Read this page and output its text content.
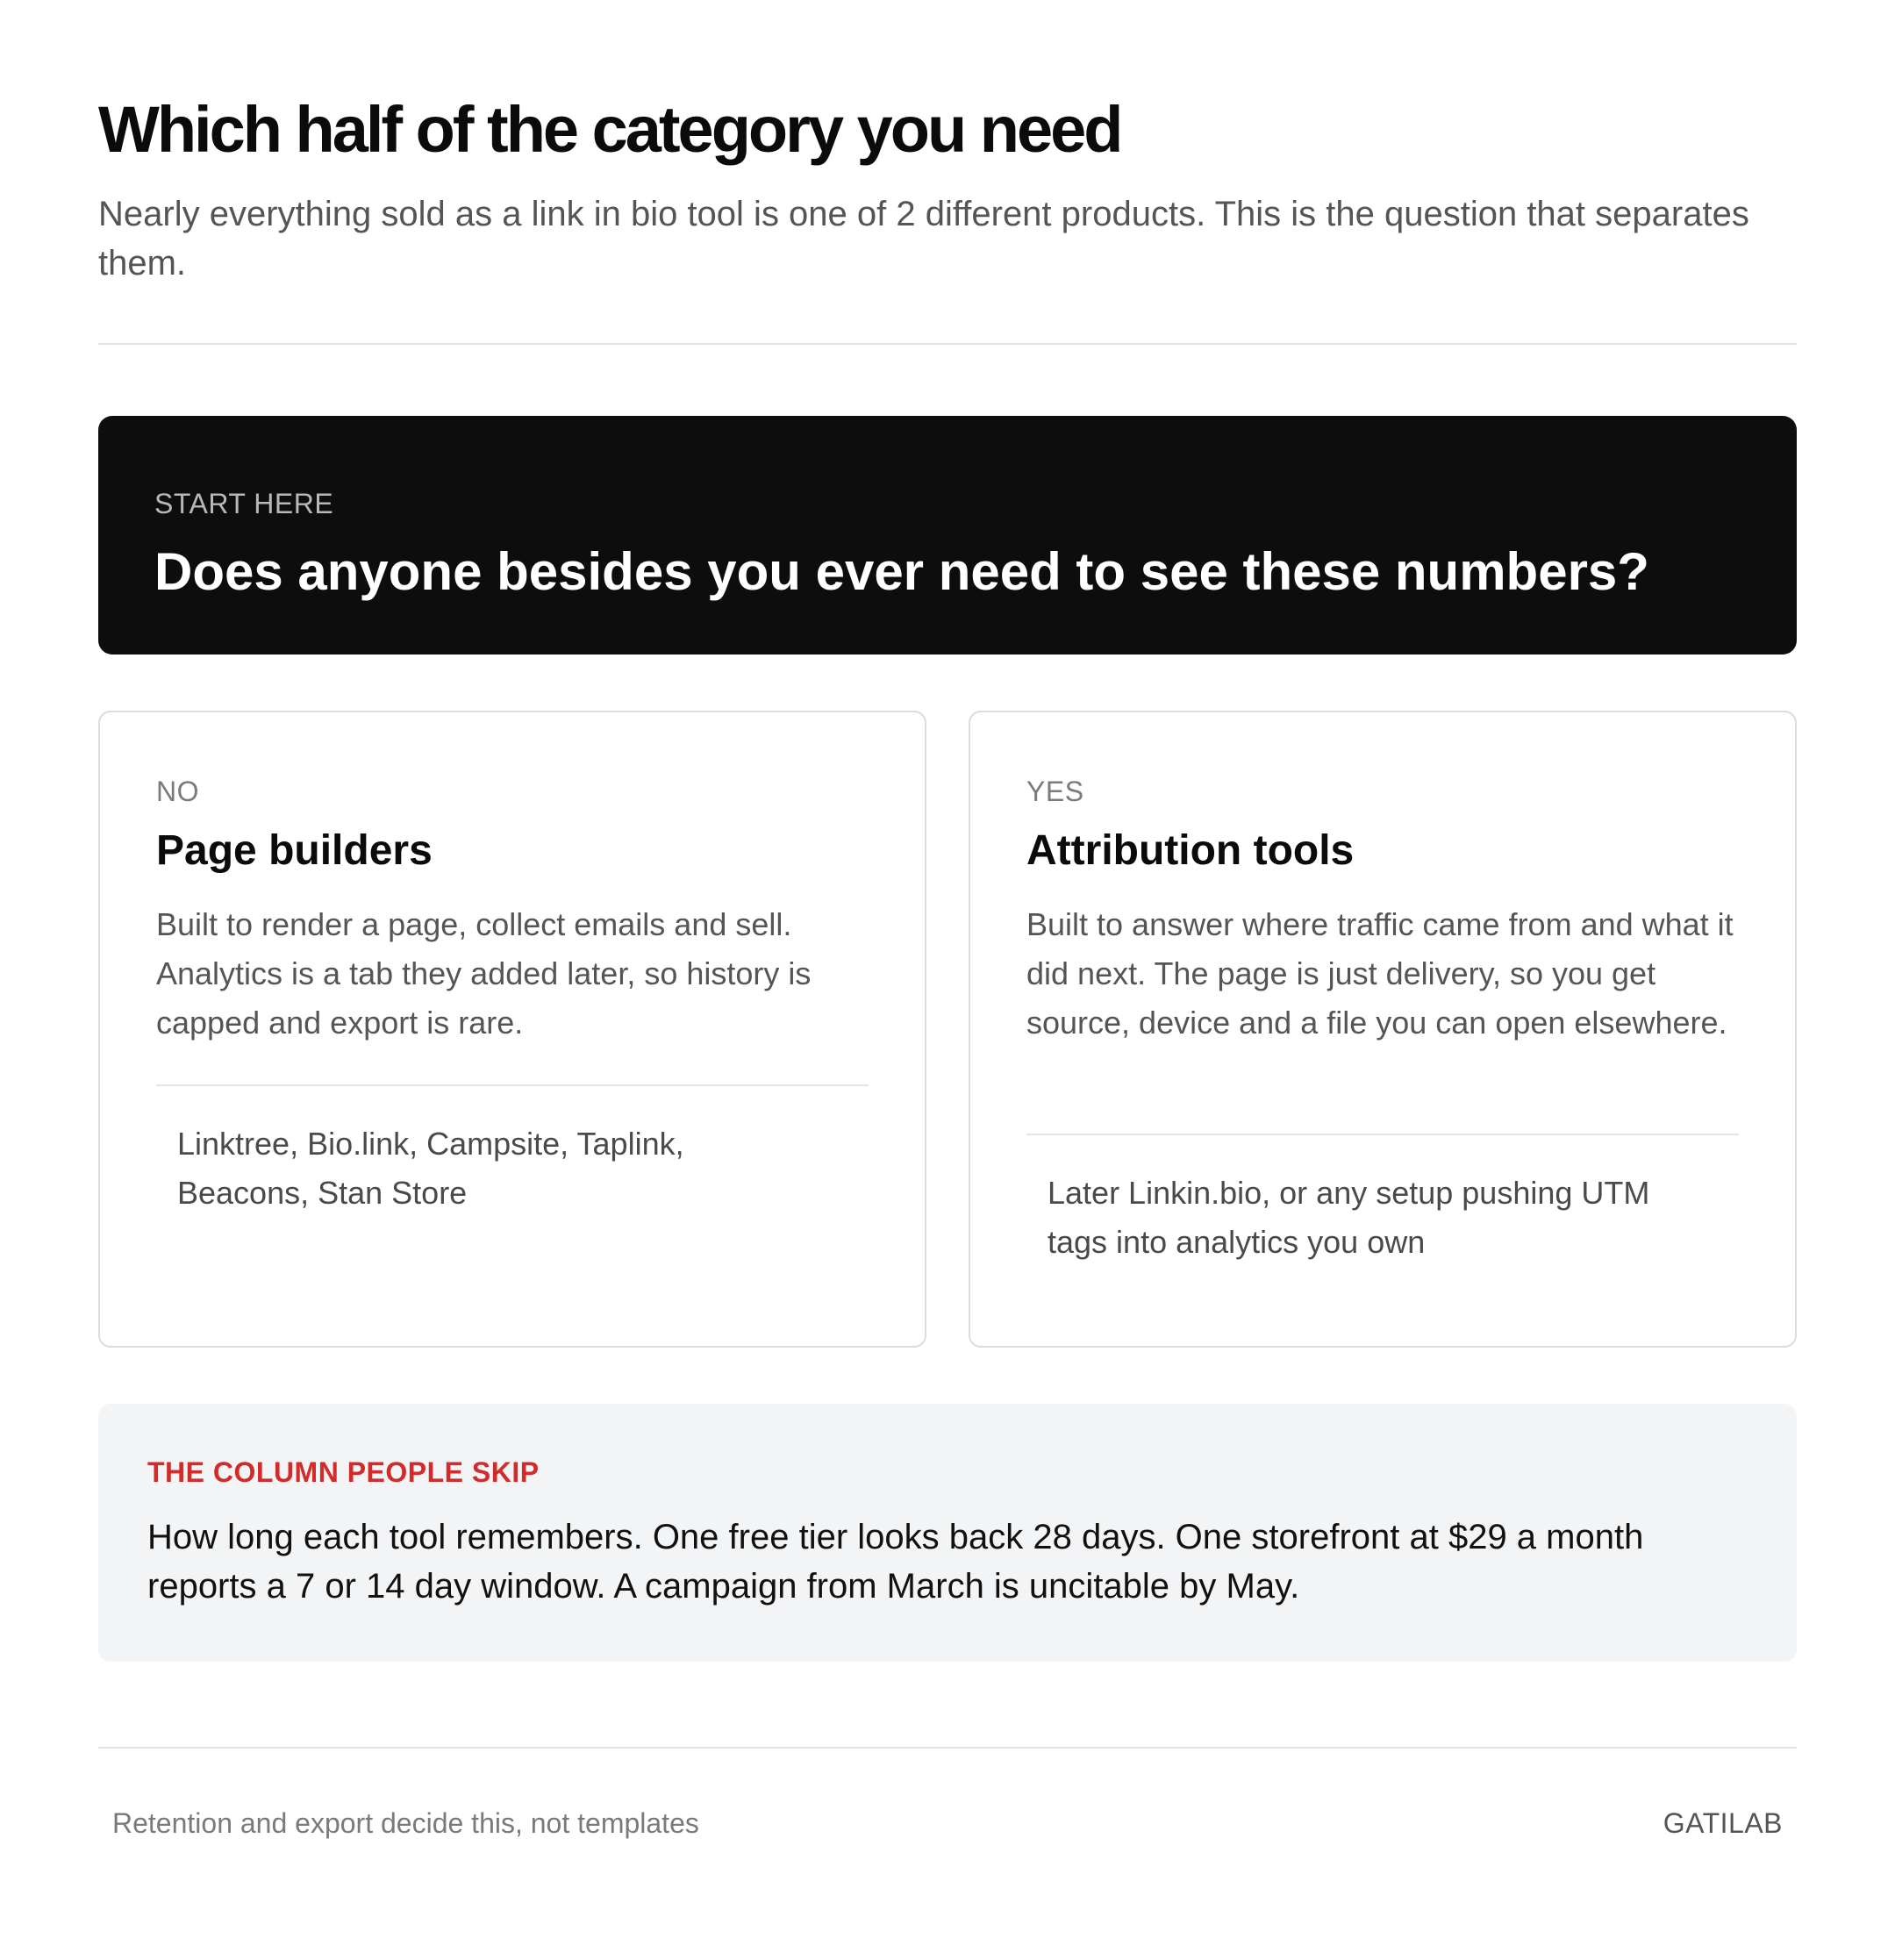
Which half of the category you need

Nearly everything sold as a link in bio tool is one of 2 different products. This is the question that separates them.

START HERE
Does anyone besides you ever need to see these numbers?
NO
Page builders

Built to render a page, collect emails and sell. Analytics is a tab they added later, so history is capped and export is rare.

Linktree, Bio.link, Campsite, Taplink, Beacons, Stan Store

YES
Attribution tools

Built to answer where traffic came from and what it did next. The page is just delivery, so you get source, device and a file you can open elsewhere.

Later Linkin.bio, or any setup pushing UTM tags into analytics you own

THE COLUMN PEOPLE SKIP

How long each tool remembers. One free tier looks back 28 days. One storefront at $29 a month reports a 7 or 14 day window. A campaign from March is uncitable by May.

Retention and export decide this, not templates	GATILAB
